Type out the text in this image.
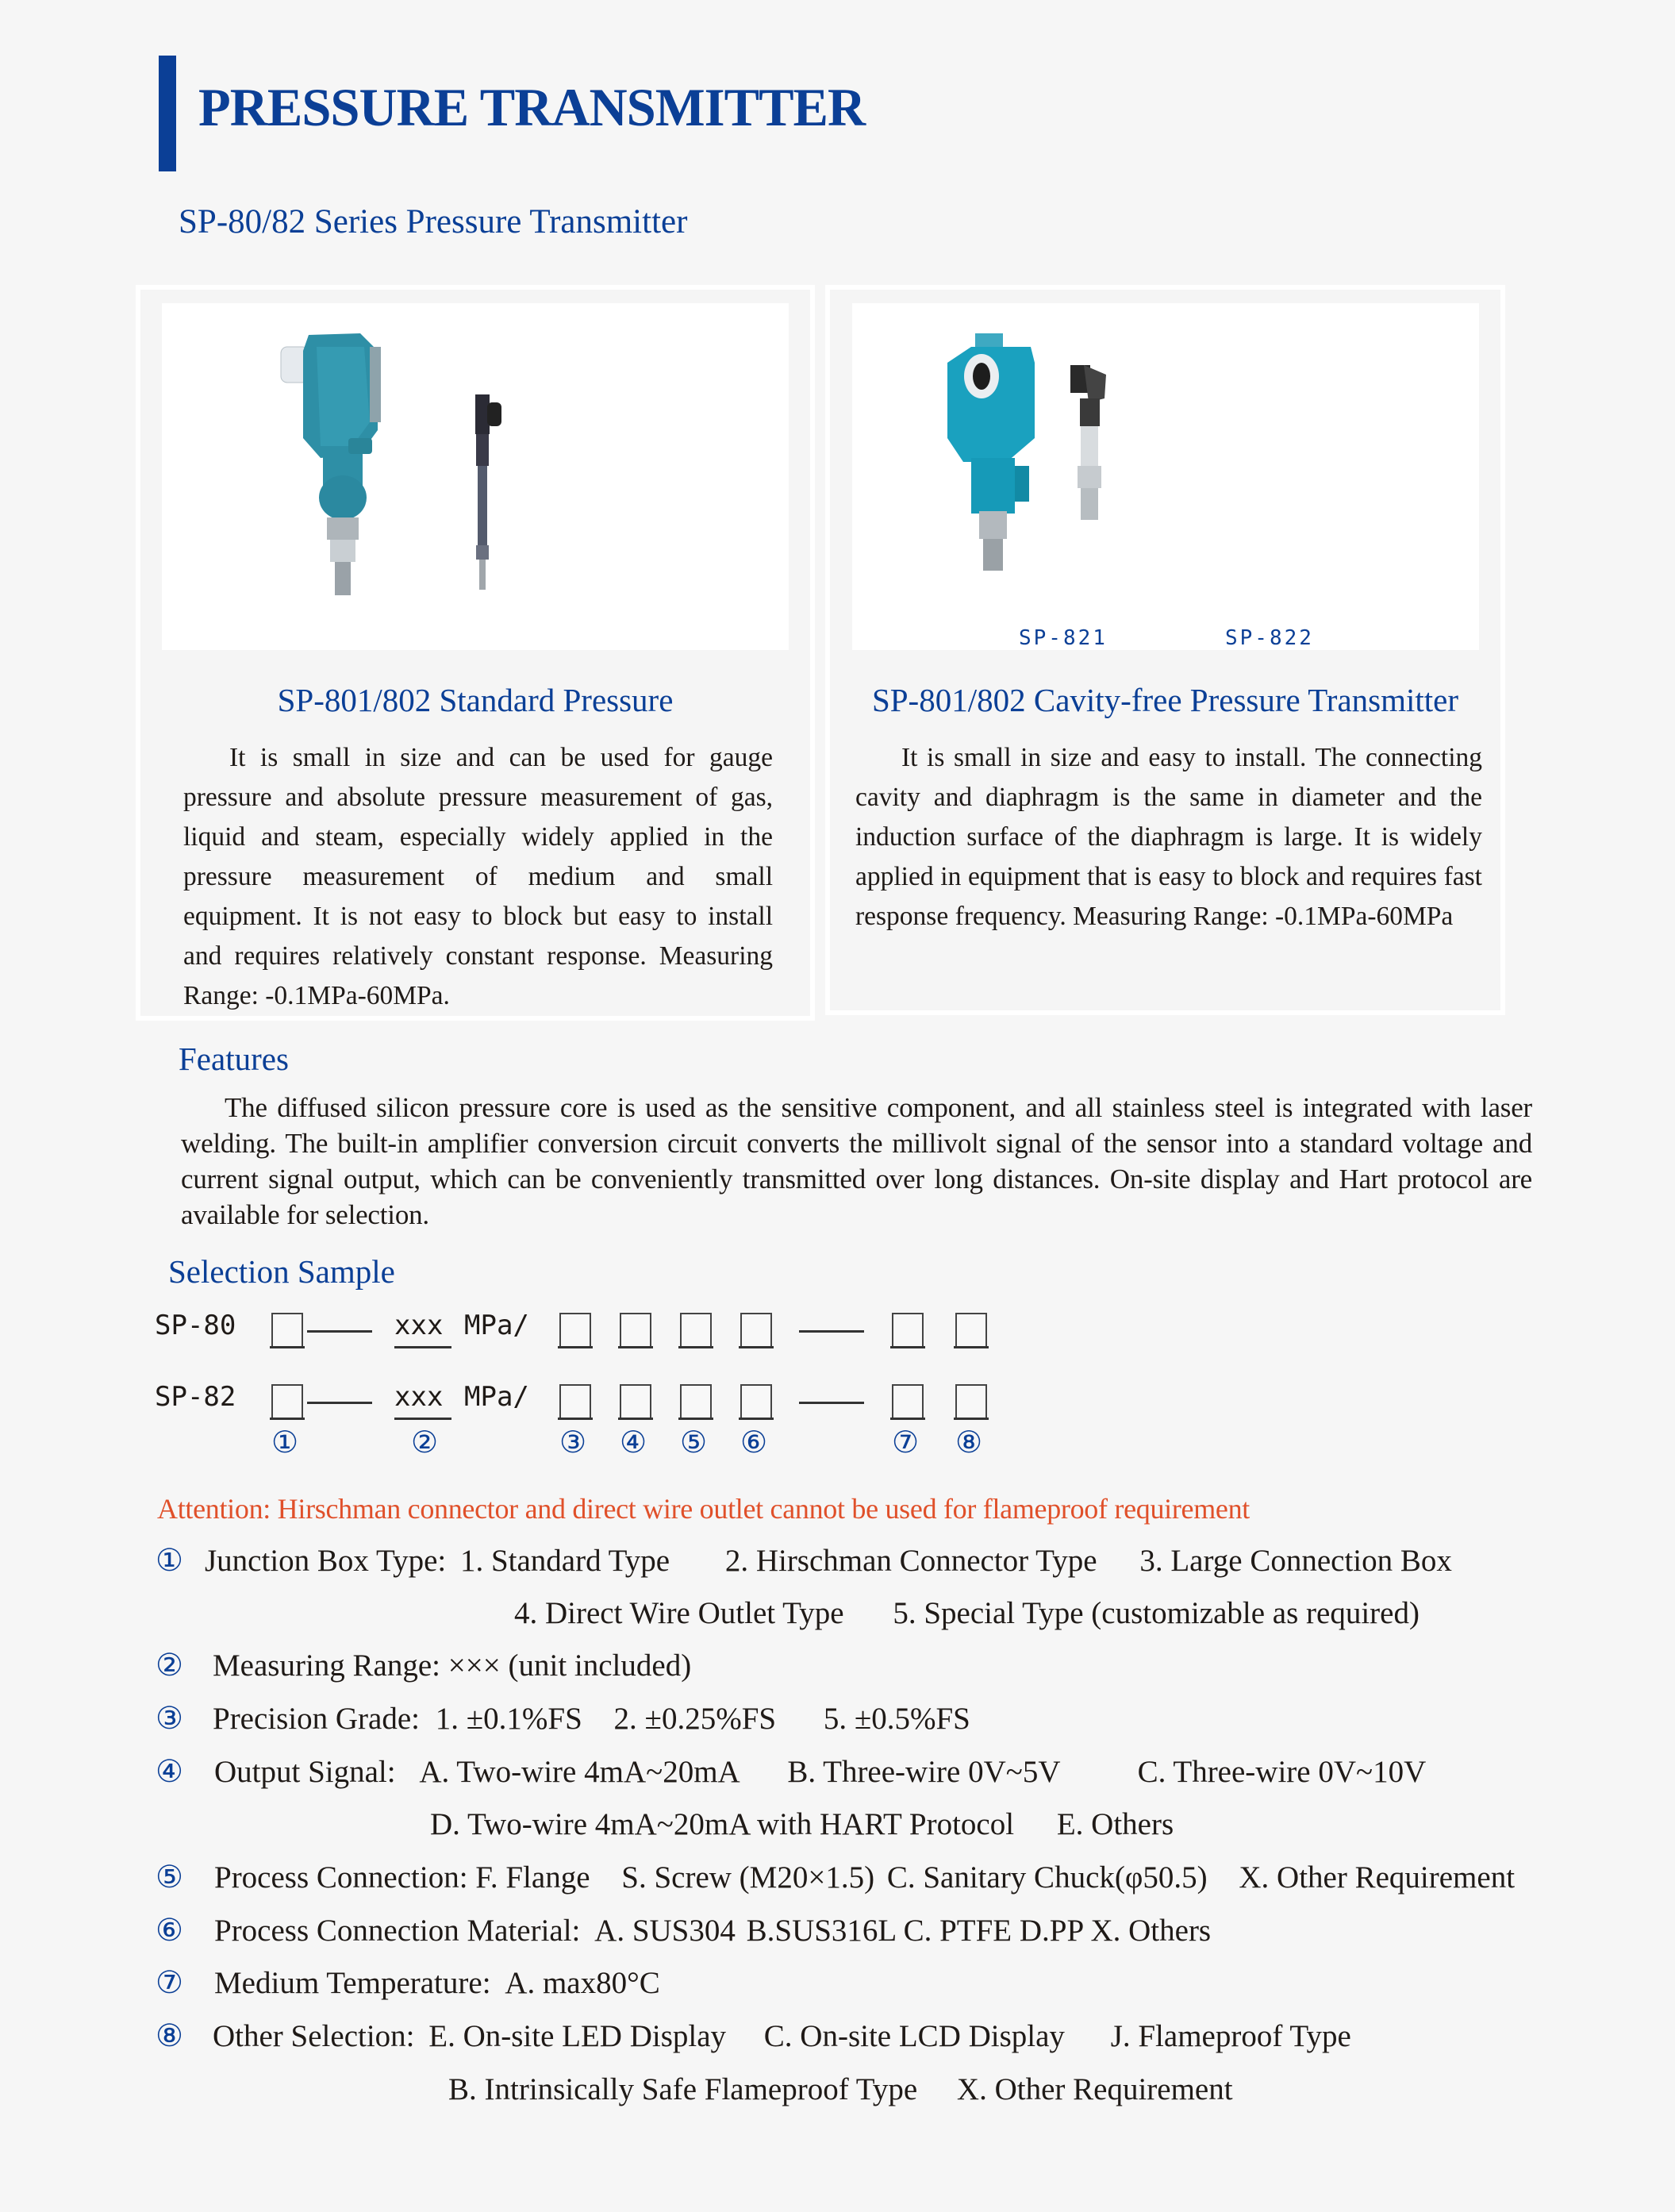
PRESSURE TRANSMITTER
SP-80/82 Series Pressure Transmitter
SP-801/802 Standard Pressure
It is small in size and can be used for gauge pressure and absolute pressure measurement of gas, liquid and steam, especially widely applied in the pressure measurement of medium and small equipment. It is not easy to block but easy to install and requires relatively constant response. Measuring Range: -0.1MPa-60MPa.
SP-821	SP-822
SP-801/802 Cavity-free Pressure Transmitter
It is small in size and easy to install. The connecting cavity and diaphragm is the same in diameter and the induction surface of the diaphragm is large. It is widely applied in equipment that is easy to block and requires fast response frequency. Measuring Range: -0.1MPa-60MPa
Features
The diffused silicon pressure core is used as the sensitive component, and all stainless steel is integrated with laser welding. The built-in amplifier conversion circuit converts the millivolt signal of the sensor into a standard voltage and current signal output, which can be conveniently transmitted over long distances. On-site display and Hart protocol are available for selection.
Selection Sample
SP-80	xxx MPa/
SP-82	xxx MPa/
①	②	③ ④ ⑤ ⑥	⑦ ⑧
Attention: Hirschman connector and direct wire outlet cannot be used for flameproof requirement
① Junction Box Type: 1. Standard Type 2. Hirschman Connector Type 3. Large Connection Box
4. Direct Wire Outlet Type 5. Special Type (customizable as required)
② Measuring Range: ××× (unit included)
③ Precision Grade: 1. ±0.1%FS 2. ±0.25%FS 5. ±0.5%FS
④ Output Signal: A. Two-wire 4mA~20mA B. Three-wire 0V~5V	C. Three-wire 0V~10V
D. Two-wire 4mA~20mA with HART Protocol E. Others
⑤ Process Connection: F. Flange S. Screw (M20×1.5) C. Sanitary Chuck(φ50.5) X. Other Requirement
⑥ Process Connection Material: A. SUS304 B.SUS316L C. PTFE D.PP X. Others
⑦ Medium Temperature: A. max80°C
⑧ Other Selection: E. On-site LED Display C. On-site LCD Display J. Flameproof Type
B. Intrinsically Safe Flameproof Type X. Other Requirement
